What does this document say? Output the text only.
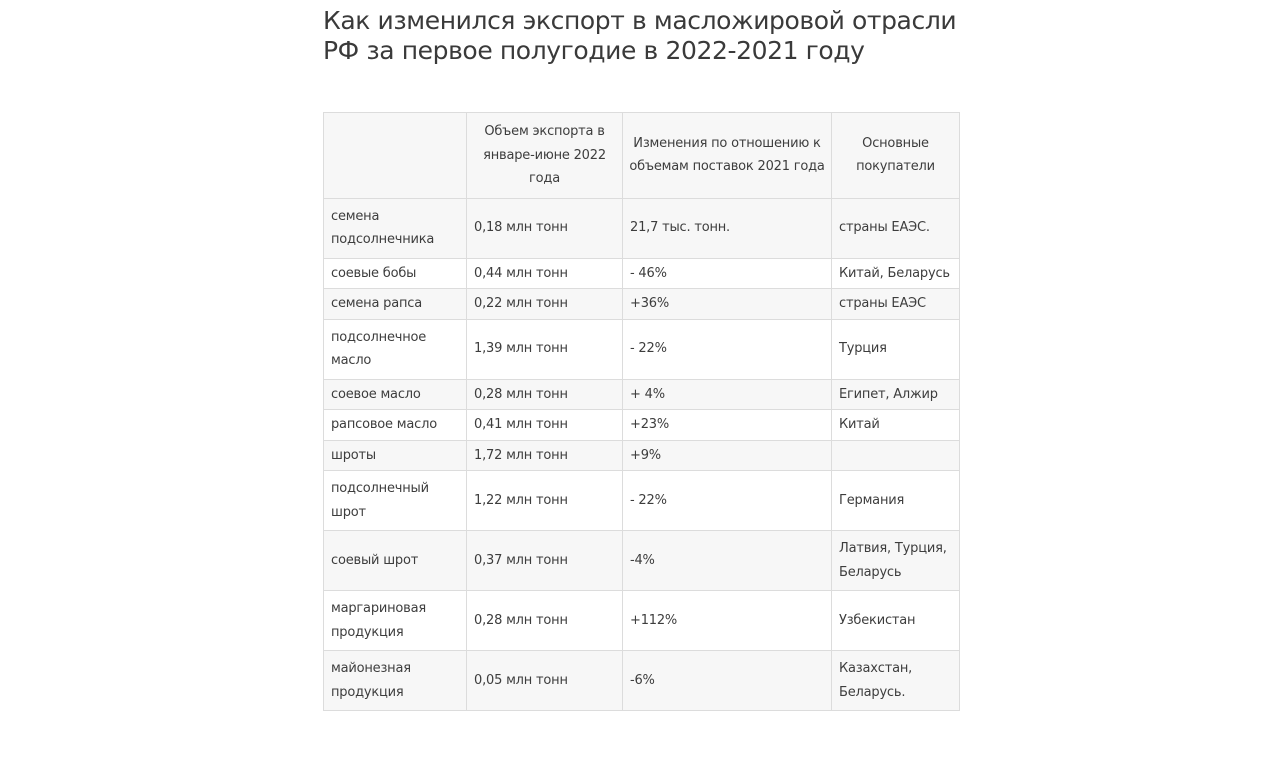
Как изменился экспорт в масложировой отрасли РФ за первое полугодие в 2022-2021 году
	Объем экспорта в январе-июне 2022 года	Изменения по отношению к объемам поставок 2021 года	Основные покупатели
семена подсолнечника	0,18 млн тонн	21,7 тыс. тонн.	страны ЕАЭС.
соевые бобы	0,44 млн тонн	- 46%	Китай, Беларусь
семена рапса	0,22 млн тонн	+36%	страны ЕАЭС
подсолнечное масло	1,39 млн тонн	- 22%	Турция
соевое масло	0,28 млн тонн	+ 4%	Египет, Алжир
рапсовое масло	0,41 млн тонн	+23%	Китай
шроты	1,72 млн тонн	+9%	
подсолнечный шрот	1,22 млн тонн	- 22%	Германия
соевый шрот	0,37 млн тонн	-4%	Латвия, Турция, Беларусь
маргариновая продукция	0,28 млн тонн	+112%	Узбекистан
майонезная продукция	0,05 млн тонн	-6%	Казахстан, Беларусь.
